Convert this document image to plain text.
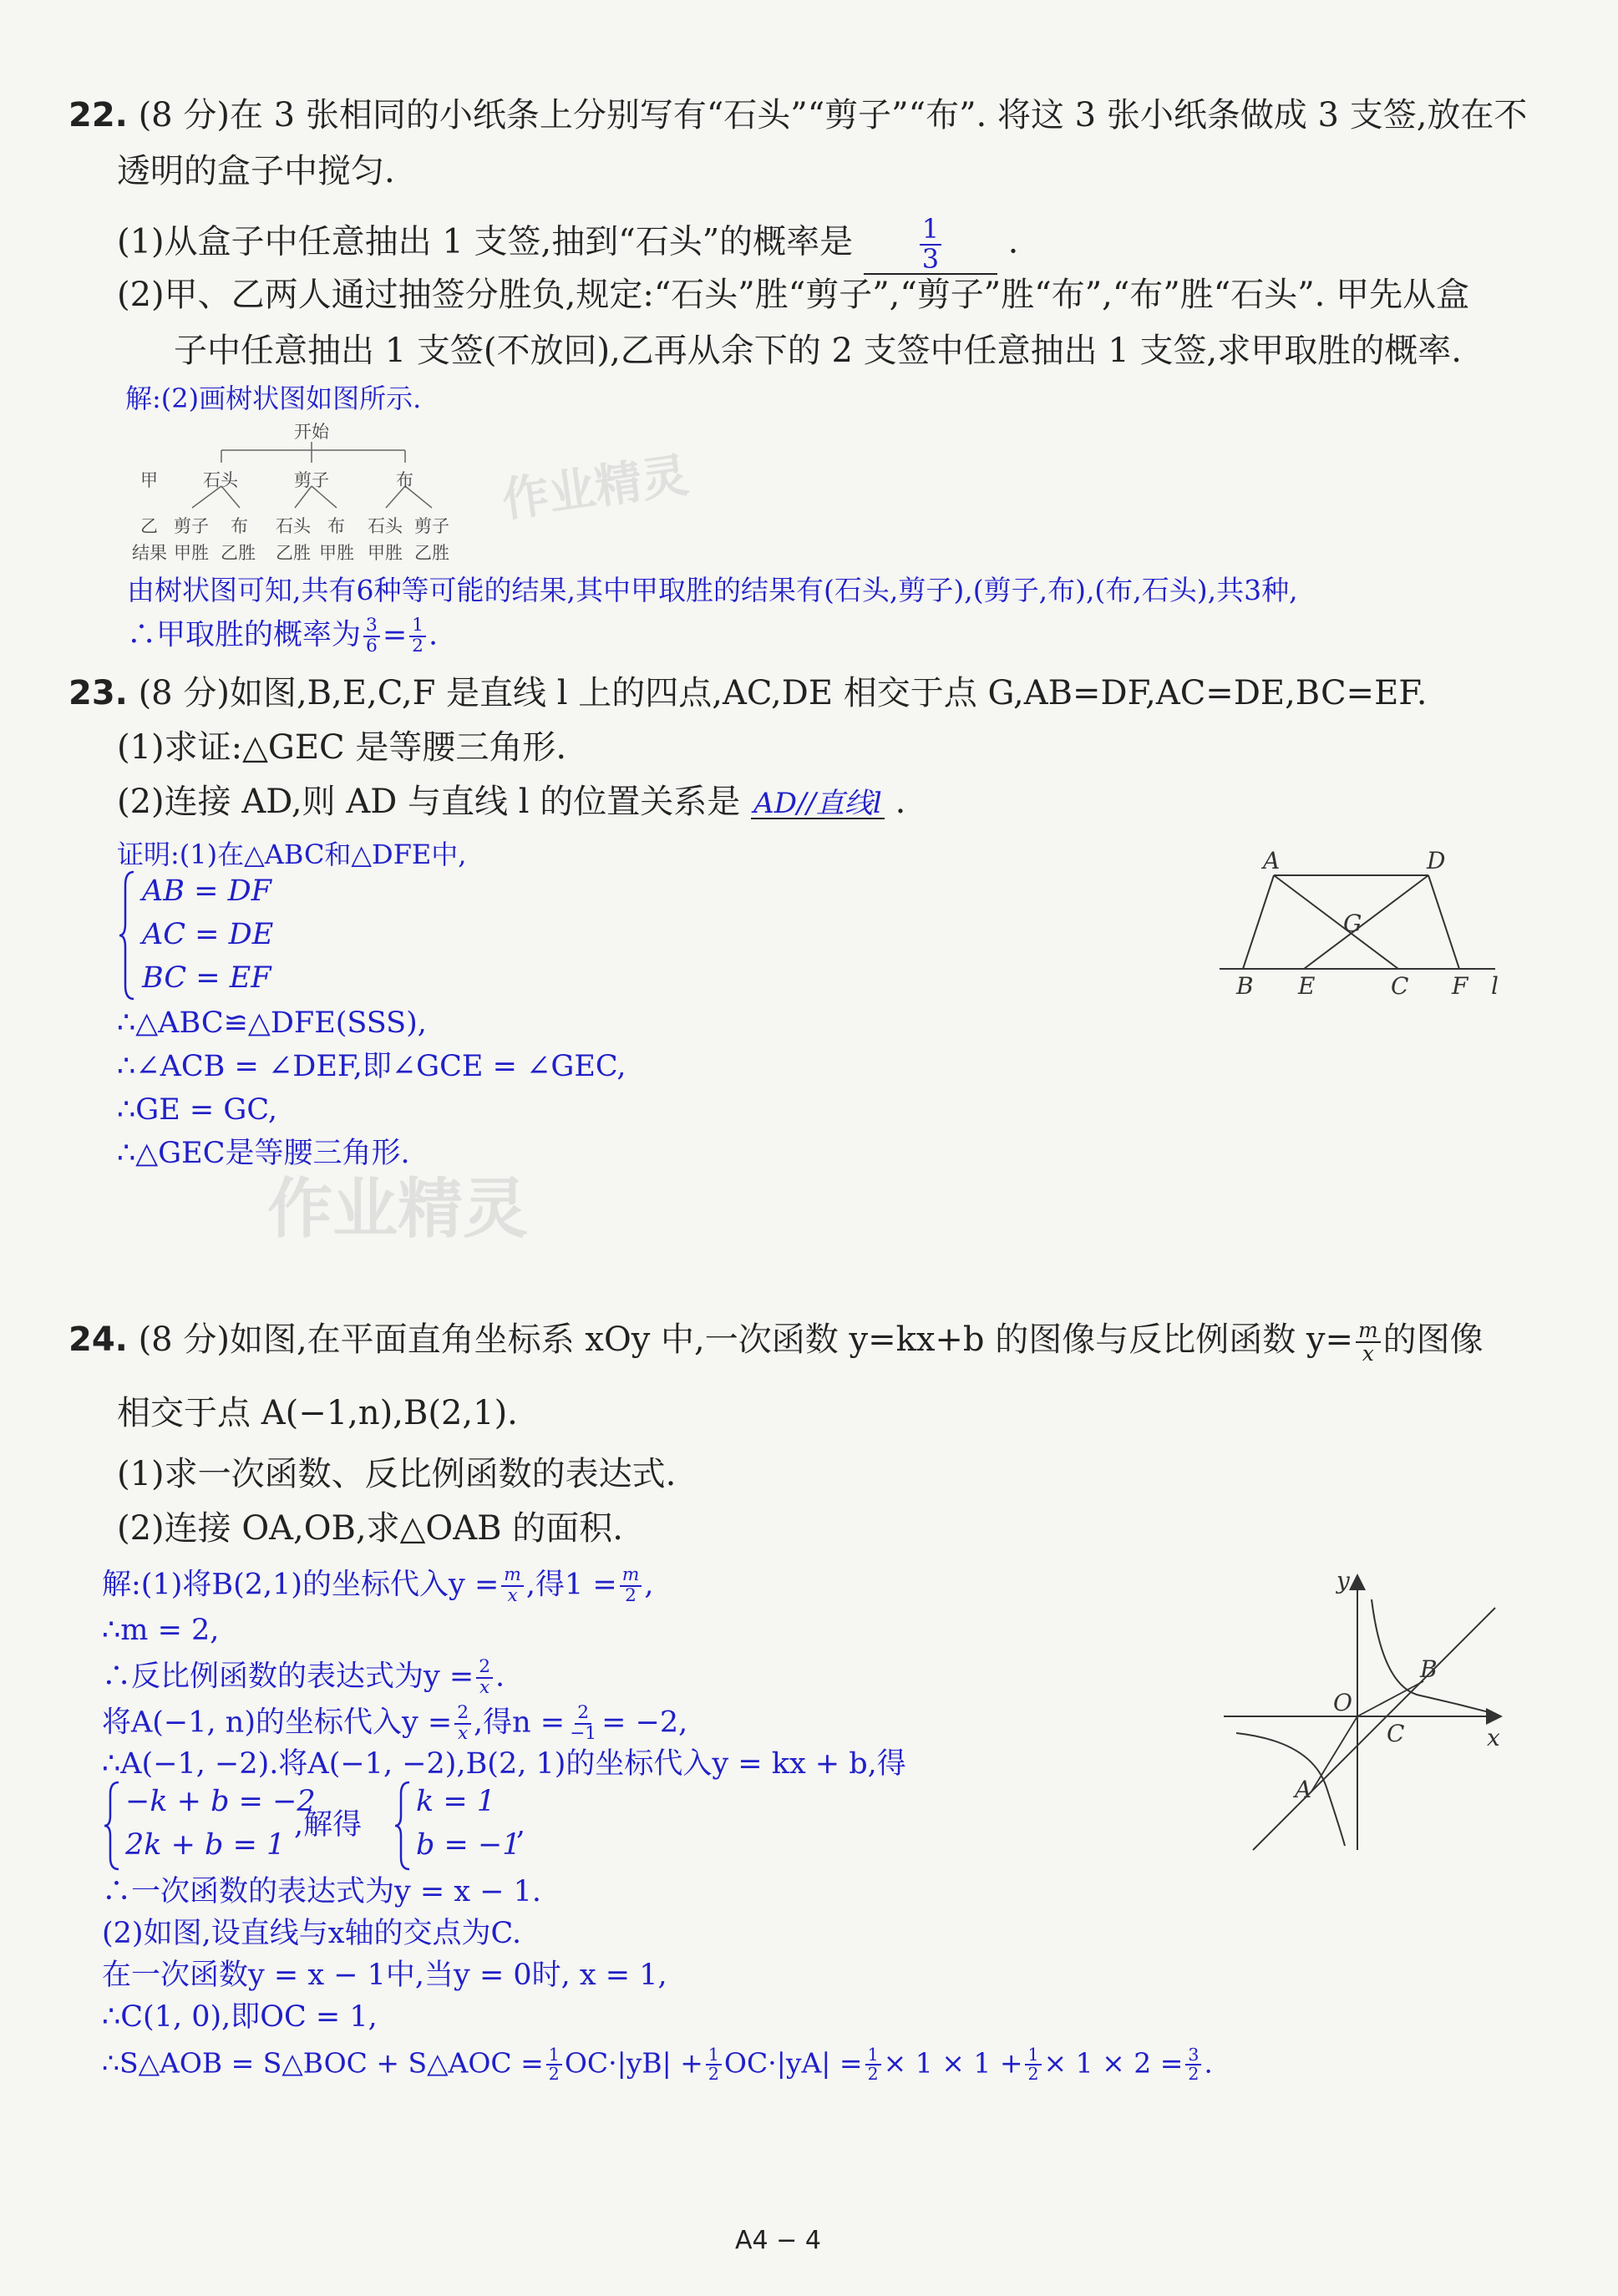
作业精灵
作业精灵
22. (8 分)在 3 张相同的小纸条上分别写有“石头”“剪子”“布”. 将这 3 张小纸条做成 3 支签,放在不
透明的盒子中搅匀.
(1)从盒子中任意抽出 1 支签,抽到“石头”的概率是 $\frac{1}{3}$ .
(2)甲、乙两人通过抽签分胜负,规定:“石头”胜“剪子”,“剪子”胜“布”,“布”胜“石头”. 甲先从盒
子中任意抽出 1 支签(不放回),乙再从余下的 2 支签中任意抽出 1 支签,求甲取胜的概率.
解:(2)画树状图如图所示.
开始
甲
乙
结果
石头	剪子	布
剪子 布 石头 布 石头 剪子
甲胜 乙胜 乙胜 甲胜 甲胜 乙胜
由树状图可知,共有6种等可能的结果,其中甲取胜的结果有(石头,剪子),(剪子,布),(布,石头),共3种,
∴甲取胜的概率为 $\frac{3}{6} = \frac{1}{2}$ .
23. (8 分)如图,B,E,C,F 是直线 l 上的四点,AC,DE 相交于点 G,AB=DF,AC=DE,BC=EF.
(1)求证:△GEC 是等腰三角形.
(2)连接 AD,则 AD 与直线 l 的位置关系是 AD//直线l .
证明:(1)在△ABC和△DFE中,
AB = DF
AC = DE
BC = EF
∴△ABC≌△DFE(SSS),
∴∠ACB = ∠DEF,即∠GCE = ∠GEC,
∴GE = GC,
∴△GEC是等腰三角形.
A	D
G
B E	C F l
24. (8 分)如图,在平面直角坐标系 xOy 中,一次函数 y=kx+b 的图像与反比例函数 $y= \frac{m}{x}$ 的图像
相交于点 A(−1,n),B(2,1).
(1)求一次函数、反比例函数的表达式.
(2)连接 OA,OB,求△OAB 的面积.
解:(1)将B(2,1)的坐标代入$y = \frac{m}{x}$ ,得$1 = \frac{m}{2}$ ,
∴m = 2,
∴反比例函数的表达式为$y = \frac{2}{x}$ .
将A(−1, n)的坐标代入$y = \frac{2}{x}$ ,得$n = \frac{2}{-1} = -2$,
∴A(−1, −2).将A(−1, −2),B(2, 1)的坐标代入y = kx + b,得
−k + b = −2
2k + b = 1
,解得
k = 1
b = −1
,
∴一次函数的表达式为y = x − 1.
(2)如图,设直线与x轴的交点为C.
在一次函数y = x − 1中,当y = 0时, x = 1,
∴C(1, 0),即OC = 1,
∴S△AOB = S△BOC + S△AOC = $\frac{1}{2} OC\cdot|yB| + \frac{1}{2} OC\cdot|yA| = \frac{1}{2} \times 1 \times 1 + \frac{1}{2} \times 1 \times 2 = \frac{3}{2}$ .
y
x
O
B
C
A
A4 − 4
